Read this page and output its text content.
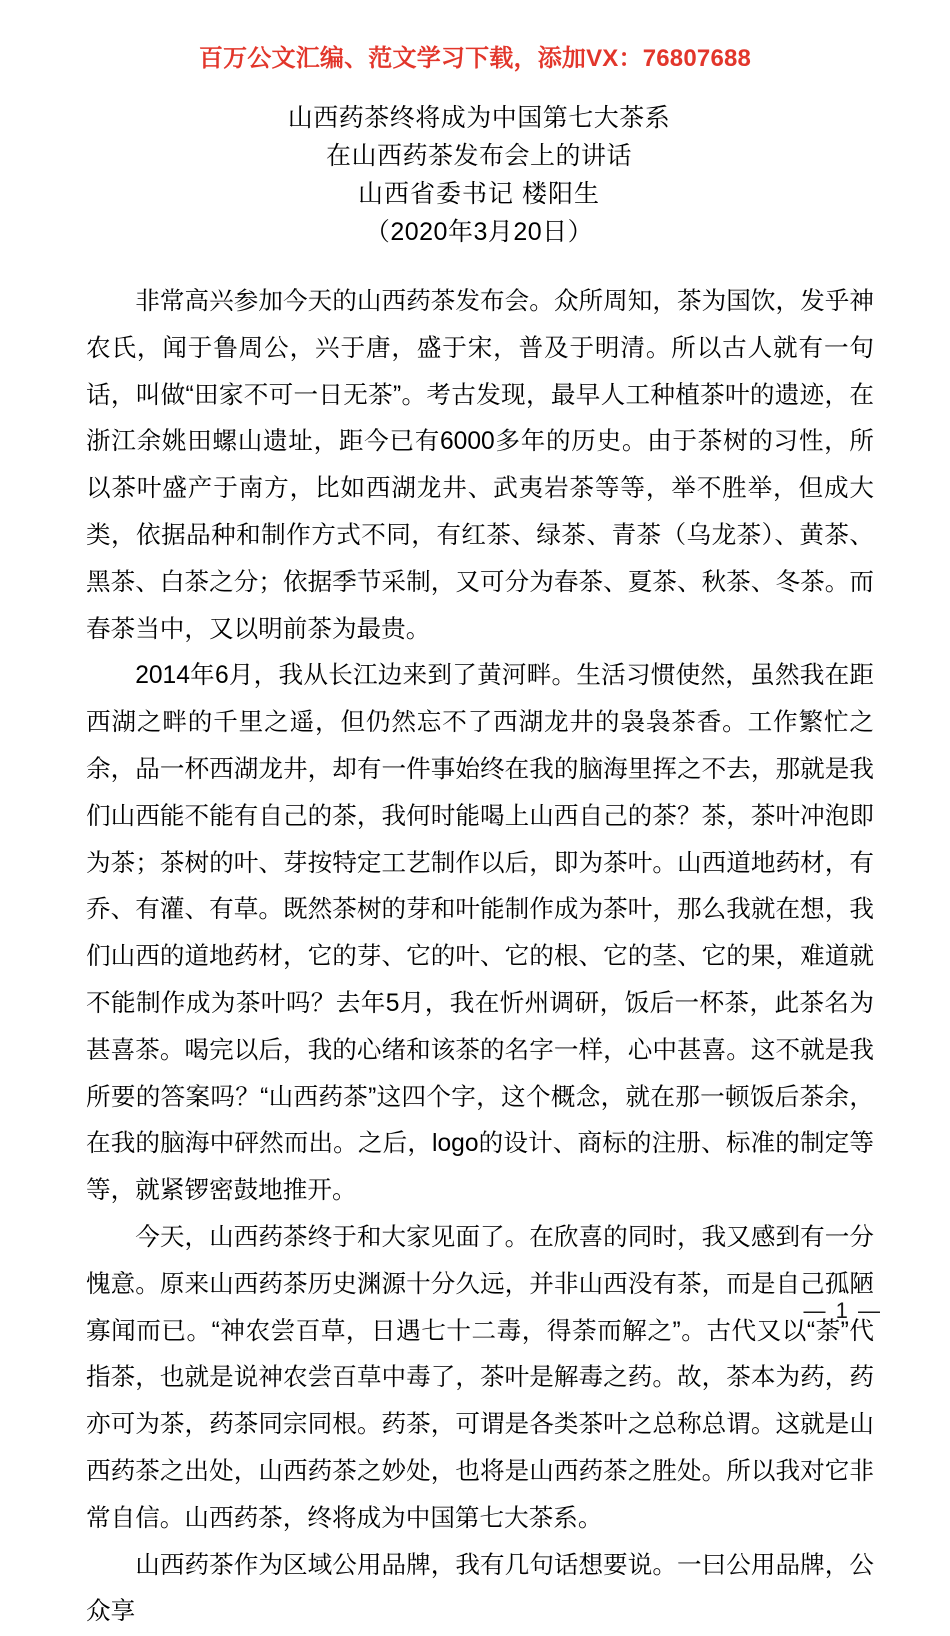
百万公文汇编、范文学习下载，添加VX：76807688
山西药茶终将成为中国第七大茶系
在山西药茶发布会上的讲话
山西省委书记 楼阳生
（2020年3月20日）

非常高兴参加今天的山西药茶发布会。众所周知，茶为国饮，发乎神农氏，闻于鲁周公，兴于唐，盛于宋，普及于明清。所以古人就有一句话，叫做“田家不可一日无茶”。考古发现，最早人工种植茶叶的遗迹，在浙江余姚田螺山遗址，距今已有6000多年的历史。由于茶树的习性，所以茶叶盛产于南方，比如西湖龙井、武夷岩茶等等，举不胜举，但成大类，依据品种和制作方式不同，有红茶、绿茶、青茶（乌龙茶）、黄茶、黑茶、白茶之分；依据季节采制，又可分为春茶、夏茶、秋茶、冬茶。而春茶当中，又以明前茶为最贵。

2014年6月，我从长江边来到了黄河畔。生活习惯使然，虽然我在距西湖之畔的千里之遥，但仍然忘不了西湖龙井的袅袅茶香。工作繁忙之余，品一杯西湖龙井，却有一件事始终在我的脑海里挥之不去，那就是我们山西能不能有自己的茶，我何时能喝上山西自己的茶？茶，茶叶冲泡即为茶；茶树的叶、芽按特定工艺制作以后，即为茶叶。山西道地药材，有乔、有灌、有草。既然茶树的芽和叶能制作成为茶叶，那么我就在想，我们山西的道地药材，它的芽、它的叶、它的根、它的茎、它的果，难道就不能制作成为茶叶吗？去年5月，我在忻州调研，饭后一杯茶，此茶名为甚喜茶。喝完以后，我的心绪和该茶的名字一样，心中甚喜。这不就是我所要的答案吗？“山西药茶”这四个字，这个概念，就在那一顿饭后茶余，在我的脑海中砰然而出。之后，logo的设计、商标的注册、标准的制定等等，就紧锣密鼓地推开。

今天，山西药茶终于和大家见面了。在欣喜的同时，我又感到有一分愧意。原来山西药茶历史渊源十分久远，并非山西没有茶，而是自己孤陋寡闻而已。“神农尝百草，日遇七十二毒，得荼而解之”。古代又以“荼”代指茶，也就是说神农尝百草中毒了，茶叶是解毒之药。故，茶本为药，药亦可为茶，药茶同宗同根。药茶，可谓是各类茶叶之总称总谓。这就是山西药茶之出处，山西药茶之妙处，也将是山西药茶之胜处。所以我对它非常自信。山西药茶，终将成为中国第七大茶系。

山西药茶作为区域公用品牌，我有几句话想要说。一曰公用品牌，公众享

— 1 —
